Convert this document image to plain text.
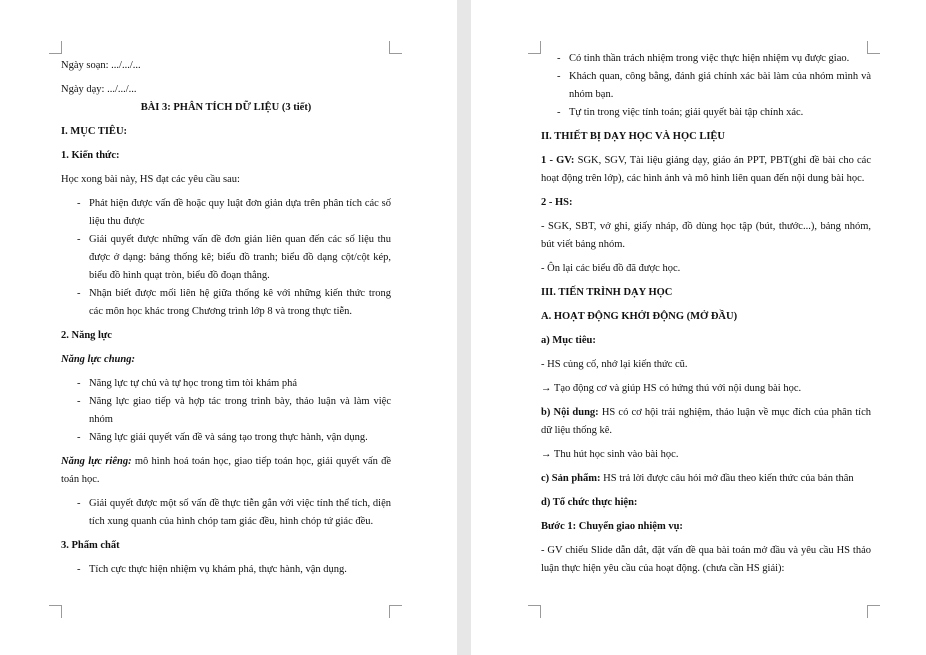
Ngày soạn: .../.../...

Ngày dạy: .../.../...

BÀI 3: PHÂN TÍCH DỮ LIỆU (3 tiết)

I. MỤC TIÊU:

1. Kiến thức:

Học xong bài này, HS đạt các yêu cầu sau:

- Phát hiện được vấn đề hoặc quy luật đơn giản dựa trên phân tích các số liệu thu được
- Giải quyết được những vấn đề đơn giản liên quan đến các số liệu thu được ở dạng: bảng thống kê; biểu đồ tranh; biểu đồ dạng cột/cột kép, biểu đồ hình quạt tròn, biểu đồ đoạn thẳng.
- Nhận biết được mối liên hệ giữa thống kê với những kiến thức trong các môn học khác trong Chương trình lớp 8 và trong thực tiễn.

2. Năng lực

Năng lực chung:

- Năng lực tự chủ và tự học trong tìm tòi khám phá
- Năng lực giao tiếp và hợp tác trong trình bày, thảo luận và làm việc nhóm
- Năng lực giải quyết vấn đề và sáng tạo trong thực hành, vận dụng.

Năng lực riêng: mô hình hoá toán học, giao tiếp toán học, giải quyết vấn đề toán học.

- Giải quyết được một số vấn đề thực tiễn gắn với việc tính thể tích, diện tích xung quanh của hình chóp tam giác đều, hình chóp tứ giác đều.

3. Phẩm chất

- Tích cực thực hiện nhiệm vụ khám phá, thực hành, vận dụng.
- Có tinh thần trách nhiệm trong việc thực hiện nhiệm vụ được giao.
- Khách quan, công bằng, đánh giá chính xác bài làm của nhóm mình và nhóm bạn.
- Tự tin trong việc tính toán; giải quyết bài tập chính xác.

II. THIẾT BỊ DẠY HỌC VÀ HỌC LIỆU

1 - GV: SGK, SGV, Tài liệu giảng dạy, giáo án PPT, PBT(ghi đề bài cho các hoạt động trên lớp), các hình ảnh và mô hình liên quan đến nội dung bài học.

2 - HS:

- SGK, SBT, vở ghi, giấy nháp, đồ dùng học tập (bút, thước...), bảng nhóm, bút viết bảng nhóm.

- Ôn lại các biểu đồ đã được học.

III. TIẾN TRÌNH DẠY HỌC

A. HOẠT ĐỘNG KHỞI ĐỘNG (MỞ ĐẦU)

a) Mục tiêu:

- HS củng cố, nhớ lại kiến thức cũ.

→ Tạo động cơ và giúp HS có hứng thú với nội dung bài học.

b) Nội dung: HS có cơ hội trải nghiệm, thảo luận về mục đích của phân tích dữ liệu thống kê.

→ Thu hút học sinh vào bài học.

c) Sản phẩm: HS trả lời được câu hỏi mở đầu theo kiến thức của bản thân

d) Tổ chức thực hiện:

Bước 1: Chuyển giao nhiệm vụ:

- GV chiếu Slide dẫn dắt, đặt vấn đề qua bài toán mở đầu và yêu cầu HS thảo luận thực hiện yêu cầu của hoạt động. (chưa cần HS giải):
